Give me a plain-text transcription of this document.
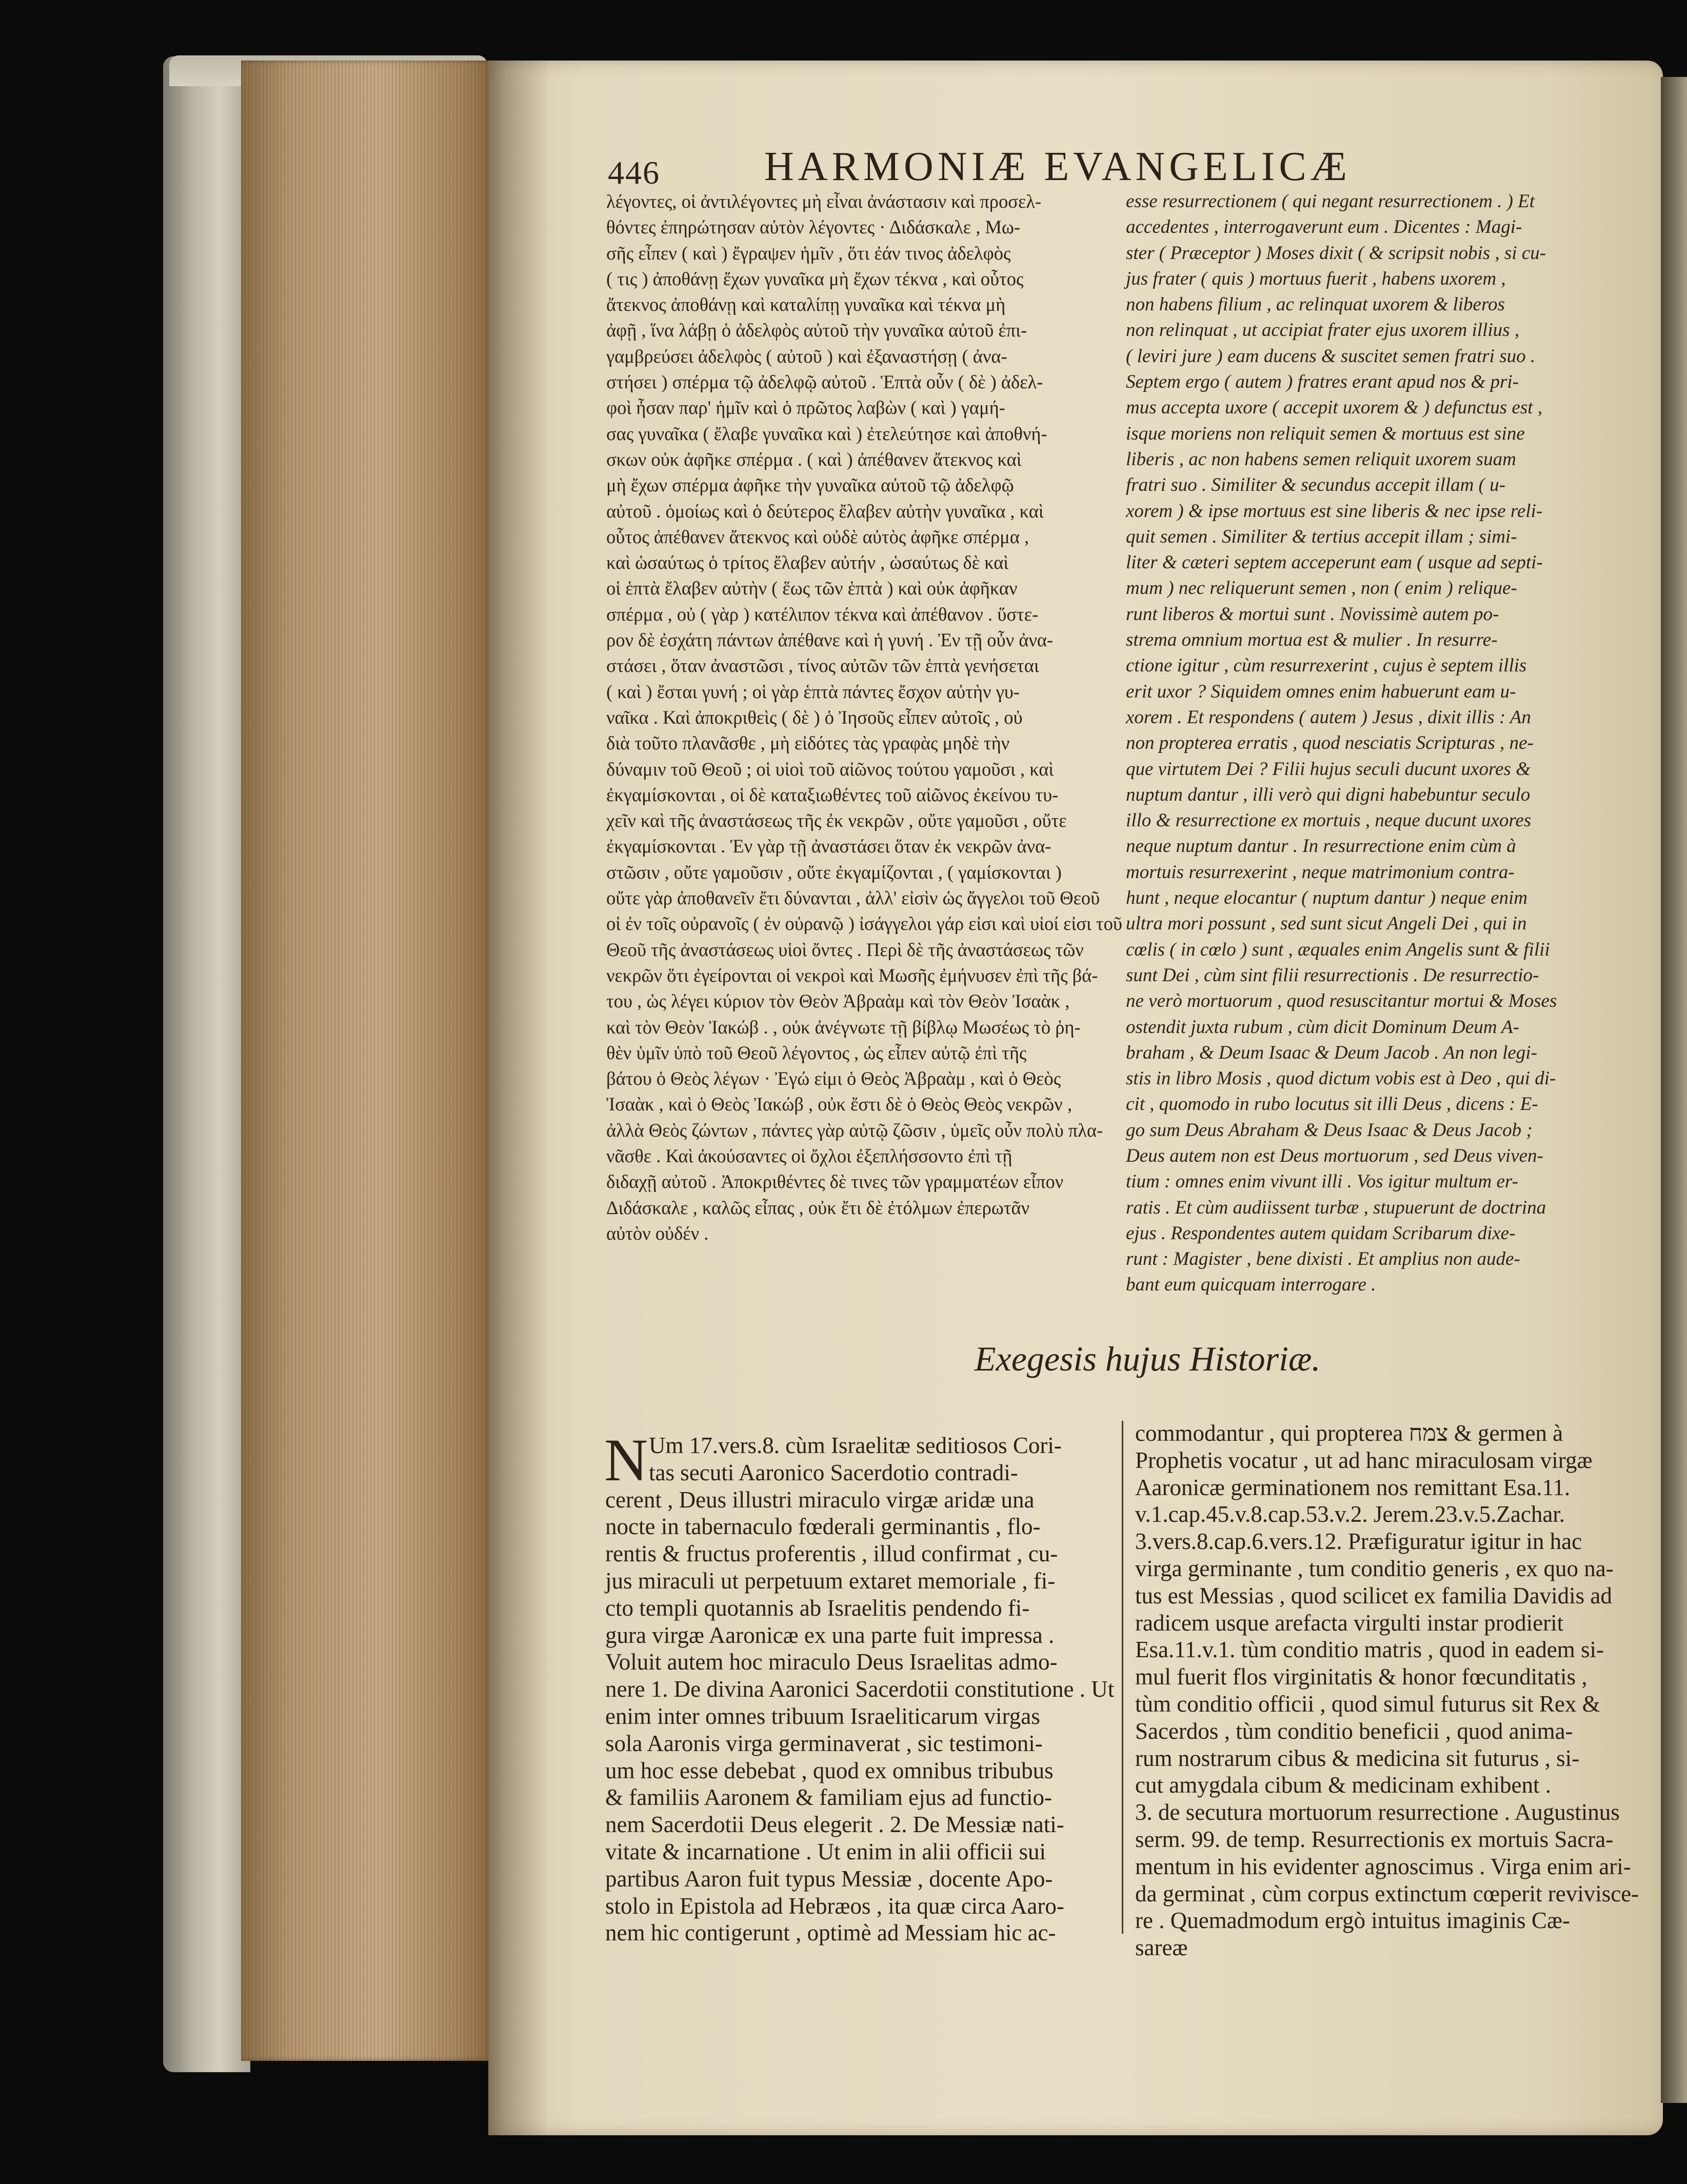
446	HARMONIÆ EVANGELICÆ
λέγοντες, οἱ ἀντιλέγοντες μὴ εἶναι ἀνάστασιν καὶ προσελ-
θόντες ἐπηρώτησαν αὐτὸν λέγοντες · Διδάσκαλε , Μω-
σῆς εἶπεν ( καὶ ) ἔγραψεν ἡμῖν , ὅτι ἐάν τινος ἀδελφὸς
( τις ) ἀποθάνῃ ἔχων γυναῖκα μὴ ἔχων τέκνα , καὶ οὗτος
ἄτεκνος ἀποθάνῃ καὶ καταλίπῃ γυναῖκα καὶ τέκνα μὴ
ἀφῇ , ἵνα λάβῃ ὁ ἀδελφὸς αὐτοῦ τὴν γυναῖκα αὐτοῦ ἐπι-
γαμβρεύσει ἀδελφὸς ( αὐτοῦ ) καὶ ἐξαναστήσῃ ( ἀνα-
στήσει ) σπέρμα τῷ ἀδελφῷ αὐτοῦ . Ἑπτὰ οὖν ( δὲ ) ἀδελ-
φοὶ ἦσαν παρ' ἡμῖν καὶ ὁ πρῶτος λαβὼν ( καὶ ) γαμή-
σας γυναῖκα ( ἔλαβε γυναῖκα καὶ ) ἐτελεύτησε καὶ ἀποθνή-
σκων οὐκ ἀφῆκε σπέρμα . ( καὶ ) ἀπέθανεν ἄτεκνος καὶ
μὴ ἔχων σπέρμα ἀφῆκε τὴν γυναῖκα αὐτοῦ τῷ ἀδελφῷ
αὐτοῦ . ὁμοίως καὶ ὁ δεύτερος ἔλαβεν αὐτὴν γυναῖκα , καὶ
οὗτος ἀπέθανεν ἄτεκνος καὶ οὐδὲ αὐτὸς ἀφῆκε σπέρμα ,
καὶ ὡσαύτως ὁ τρίτος ἔλαβεν αὐτήν , ὡσαύτως δὲ καὶ
οἱ ἑπτὰ ἔλαβεν αὐτὴν ( ἕως τῶν ἑπτὰ ) καὶ οὐκ ἀφῆκαν
σπέρμα , οὐ ( γὰρ ) κατέλιπον τέκνα καὶ ἀπέθανον . ὕστε-
ρον δὲ ἐσχάτη πάντων ἀπέθανε καὶ ἡ γυνή . Ἐν τῇ οὖν ἀνα-
στάσει , ὅταν ἀναστῶσι , τίνος αὐτῶν τῶν ἑπτὰ γενήσεται
( καὶ ) ἔσται γυνή ; οἱ γὰρ ἑπτὰ πάντες ἔσχον αὐτὴν γυ-
ναῖκα . Καὶ ἀποκριθεὶς ( δὲ ) ὁ Ἰησοῦς εἶπεν αὐτοῖς , οὐ
διὰ τοῦτο πλανᾶσθε , μὴ εἰδότες τὰς γραφὰς μηδὲ τὴν
δύναμιν τοῦ Θεοῦ ; οἱ υἱοὶ τοῦ αἰῶνος τούτου γαμοῦσι , καὶ
ἐκγαμίσκονται , οἱ δὲ καταξιωθέντες τοῦ αἰῶνος ἐκείνου τυ-
χεῖν καὶ τῆς ἀναστάσεως τῆς ἐκ νεκρῶν , οὔτε γαμοῦσι , οὔτε
ἐκγαμίσκονται . Ἐν γὰρ τῇ ἀναστάσει ὅταν ἐκ νεκρῶν ἀνα-
στῶσιν , οὔτε γαμοῦσιν , οὔτε ἐκγαμίζονται , ( γαμίσκονται )
οὔτε γὰρ ἀποθανεῖν ἔτι δύνανται , ἀλλ' εἰσὶν ὡς ἄγγελοι τοῦ Θεοῦ
οἱ ἐν τοῖς οὐρανοῖς ( ἐν οὐρανῷ ) ἰσάγγελοι γάρ εἰσι καὶ υἱοί εἰσι τοῦ
Θεοῦ τῆς ἀναστάσεως υἱοὶ ὄντες . Περὶ δὲ τῆς ἀναστάσεως τῶν
νεκρῶν ὅτι ἐγείρονται οἱ νεκροὶ καὶ Μωσῆς ἐμήνυσεν ἐπὶ τῆς βά-
του , ὡς λέγει κύριον τὸν Θεὸν Ἀβραὰμ καὶ τὸν Θεὸν Ἰσαὰκ ,
καὶ τὸν Θεὸν Ἰακώβ . , οὐκ ἀνέγνωτε τῇ βίβλῳ Μωσέως τὸ ῥη-
θὲν ὑμῖν ὑπὸ τοῦ Θεοῦ λέγοντος , ὡς εἶπεν αὐτῷ ἐπὶ τῆς
βάτου ὁ Θεὸς λέγων · Ἐγώ εἰμι ὁ Θεὸς Ἀβραὰμ , καὶ ὁ Θεὸς
Ἰσαὰκ , καὶ ὁ Θεὸς Ἰακώβ , οὐκ ἔστι δὲ ὁ Θεὸς Θεὸς νεκρῶν ,
ἀλλὰ Θεὸς ζώντων , πάντες γὰρ αὐτῷ ζῶσιν , ὑμεῖς οὖν πολὺ πλα-
νᾶσθε . Καὶ ἀκούσαντες οἱ ὄχλοι ἐξεπλήσσοντο ἐπὶ τῇ
διδαχῇ αὐτοῦ . Ἀποκριθέντες δὲ τινες τῶν γραμματέων εἶπον
Διδάσκαλε , καλῶς εἶπας , οὐκ ἔτι δὲ ἐτόλμων ἐπερωτᾶν
αὐτὸν οὐδέν .
esse resurrectionem ( qui negant resurrectionem . ) Et
accedentes , interrogaverunt eum . Dicentes : Magi-
ster ( Præceptor ) Moses dixit ( & scripsit nobis , si cu-
jus frater ( quis ) mortuus fuerit , habens uxorem ,
non habens filium , ac relinquat uxorem & liberos
non relinquat , ut accipiat frater ejus uxorem illius ,
( leviri jure ) eam ducens & suscitet semen fratri suo .
Septem ergo ( autem ) fratres erant apud nos & pri-
mus accepta uxore ( accepit uxorem & ) defunctus est ,
isque moriens non reliquit semen & mortuus est sine
liberis , ac non habens semen reliquit uxorem suam
fratri suo . Similiter & secundus accepit illam ( u-
xorem ) & ipse mortuus est sine liberis & nec ipse reli-
quit semen . Similiter & tertius accepit illam ; simi-
liter & cæteri septem acceperunt eam ( usque ad septi-
mum ) nec reliquerunt semen , non ( enim ) relique-
runt liberos & mortui sunt . Novissimè autem po-
strema omnium mortua est & mulier . In resurre-
ctione igitur , cùm resurrexerint , cujus è septem illis
erit uxor ? Siquidem omnes enim habuerunt eam u-
xorem . Et respondens ( autem ) Jesus , dixit illis : An
non propterea erratis , quod nesciatis Scripturas , ne-
que virtutem Dei ? Filii hujus seculi ducunt uxores &
nuptum dantur , illi verò qui digni habebuntur seculo
illo & resurrectione ex mortuis , neque ducunt uxores
neque nuptum dantur . In resurrectione enim cùm à
mortuis resurrexerint , neque matrimonium contra-
hunt , neque elocantur ( nuptum dantur ) neque enim
ultra mori possunt , sed sunt sicut Angeli Dei , qui in
cœlis ( in cœlo ) sunt , æquales enim Angelis sunt & filii
sunt Dei , cùm sint filii resurrectionis . De resurrectio-
ne verò mortuorum , quod resuscitantur mortui & Moses
ostendit juxta rubum , cùm dicit Dominum Deum A-
braham , & Deum Isaac & Deum Jacob . An non legi-
stis in libro Mosis , quod dictum vobis est à Deo , qui di-
cit , quomodo in rubo locutus sit illi Deus , dicens : E-
go sum Deus Abraham & Deus Isaac & Deus Jacob ;
Deus autem non est Deus mortuorum , sed Deus viven-
tium : omnes enim vivunt illi . Vos igitur multum er-
ratis . Et cùm audiissent turbæ , stupuerunt de doctrina
ejus . Respondentes autem quidam Scribarum dixe-
runt : Magister , bene dixisti . Et amplius non aude-
bant eum quicquam interrogare .
Exegesis hujus Historiæ.
N Um 17.vers.8. cùm Israelitæ seditiosos Cori-
tas secuti Aaronico Sacerdotio contradi-
cerent , Deus illustri miraculo virgæ aridæ una
nocte in tabernaculo fœderali germinantis , flo-
rentis & fructus proferentis , illud confirmat , cu-
jus miraculi ut perpetuum extaret memoriale , fi-
cto templi quotannis ab Israelitis pendendo fi-
gura virgæ Aaronicæ ex una parte fuit impressa .
Voluit autem hoc miraculo Deus Israelitas admo-
nere 1. De divina Aaronici Sacerdotii constitutione . Ut
enim inter omnes tribuum Israeliticarum virgas
sola Aaronis virga germinaverat , sic testimoni-
um hoc esse debebat , quod ex omnibus tribubus
& familiis Aaronem & familiam ejus ad functio-
nem Sacerdotii Deus elegerit . 2. De Messiæ nati-
vitate & incarnatione . Ut enim in alii officii sui
partibus Aaron fuit typus Messiæ , docente Apo-
stolo in Epistola ad Hebræos , ita quæ circa Aaro-
nem hic contigerunt , optimè ad Messiam hic ac-
commodantur , qui propterea צמח & germen à
Prophetis vocatur , ut ad hanc miraculosam virgæ
Aaronicæ germinationem nos remittant Esa.11.
v.1.cap.45.v.8.cap.53.v.2. Jerem.23.v.5.Zachar.
3.vers.8.cap.6.vers.12. Præfiguratur igitur in hac
virga germinante , tum conditio generis , ex quo na-
tus est Messias , quod scilicet ex familia Davidis ad
radicem usque arefacta virgulti instar prodierit
Esa.11.v.1. tùm conditio matris , quod in eadem si-
mul fuerit flos virginitatis & honor fœcunditatis ,
tùm conditio officii , quod simul futurus sit Rex &
Sacerdos , tùm conditio beneficii , quod anima-
rum nostrarum cibus & medicina sit futurus , si-
cut amygdala cibum & medicinam exhibent .
3. de secutura mortuorum resurrectione . Augustinus
serm. 99. de temp. Resurrectionis ex mortuis Sacra-
mentum in his evidenter agnoscimus . Virga enim ari-
da germinat , cùm corpus extinctum cœperit revivisce-
re . Quemadmodum ergò intuitus imaginis Cæ-
sareæ
